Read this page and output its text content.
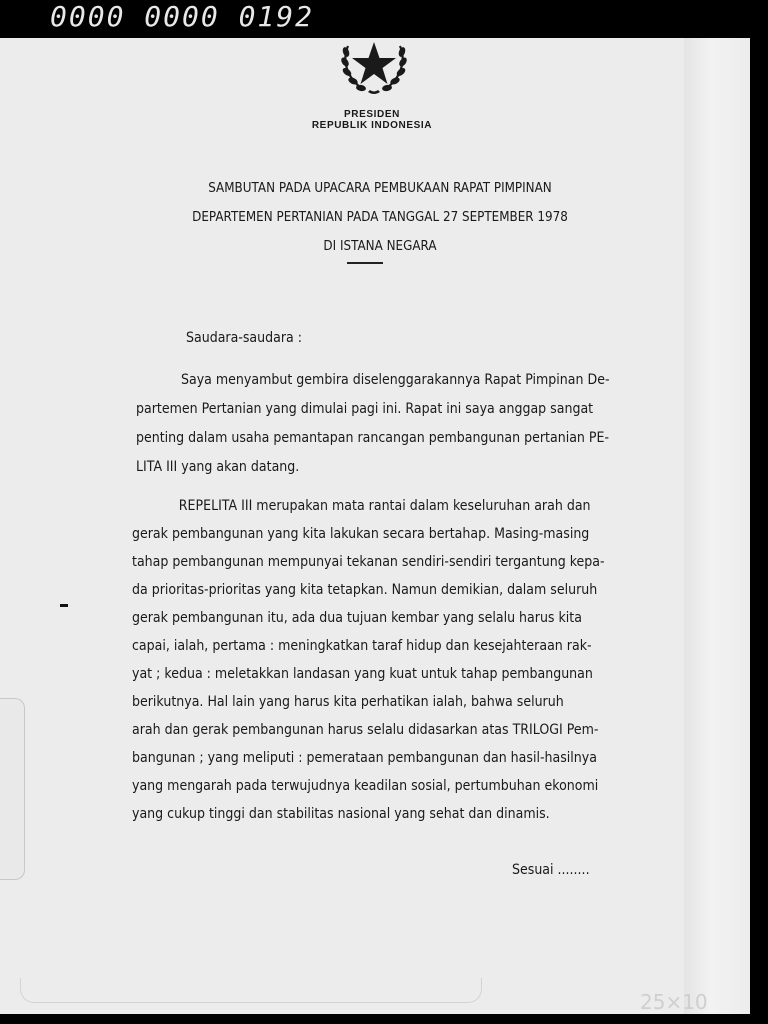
0000 0000 0192
PRESIDEN
REPUBLIK INDONESIA
SAMBUTAN PADA UPACARA PEMBUKAAN RAPAT PIMPINAN
DEPARTEMEN PERTANIAN PADA TANGGAL 27 SEPTEMBER 1978
DI ISTANA NEGARA
Saudara-saudara :
Saya menyambut gembira diselenggarakannya Rapat Pimpinan De-
partemen Pertanian yang dimulai pagi ini. Rapat ini saya anggap sangat
penting dalam usaha pemantapan rancangan pembangunan pertanian PE-
LITA III yang akan datang.
REPELITA III merupakan mata rantai dalam keseluruhan arah dan
gerak pembangunan yang kita lakukan secara bertahap. Masing-masing
tahap pembangunan mempunyai tekanan sendiri-sendiri tergantung kepa-
da prioritas-prioritas yang kita tetapkan. Namun demikian, dalam seluruh
gerak pembangunan itu, ada dua tujuan kembar yang selalu harus kita
capai, ialah, pertama : meningkatkan taraf hidup dan kesejahteraan rak-
yat ; kedua : meletakkan landasan yang kuat untuk tahap pembangunan
berikutnya. Hal lain yang harus kita perhatikan ialah, bahwa seluruh
arah dan gerak pembangunan harus selalu didasarkan atas TRILOGI Pem-
bangunan ; yang meliputi : pemerataan pembangunan dan hasil-hasilnya
yang mengarah pada terwujudnya keadilan sosial, pertumbuhan ekonomi
yang cukup tinggi dan stabilitas nasional yang sehat dan dinamis.
Sesuai ........
25×10
